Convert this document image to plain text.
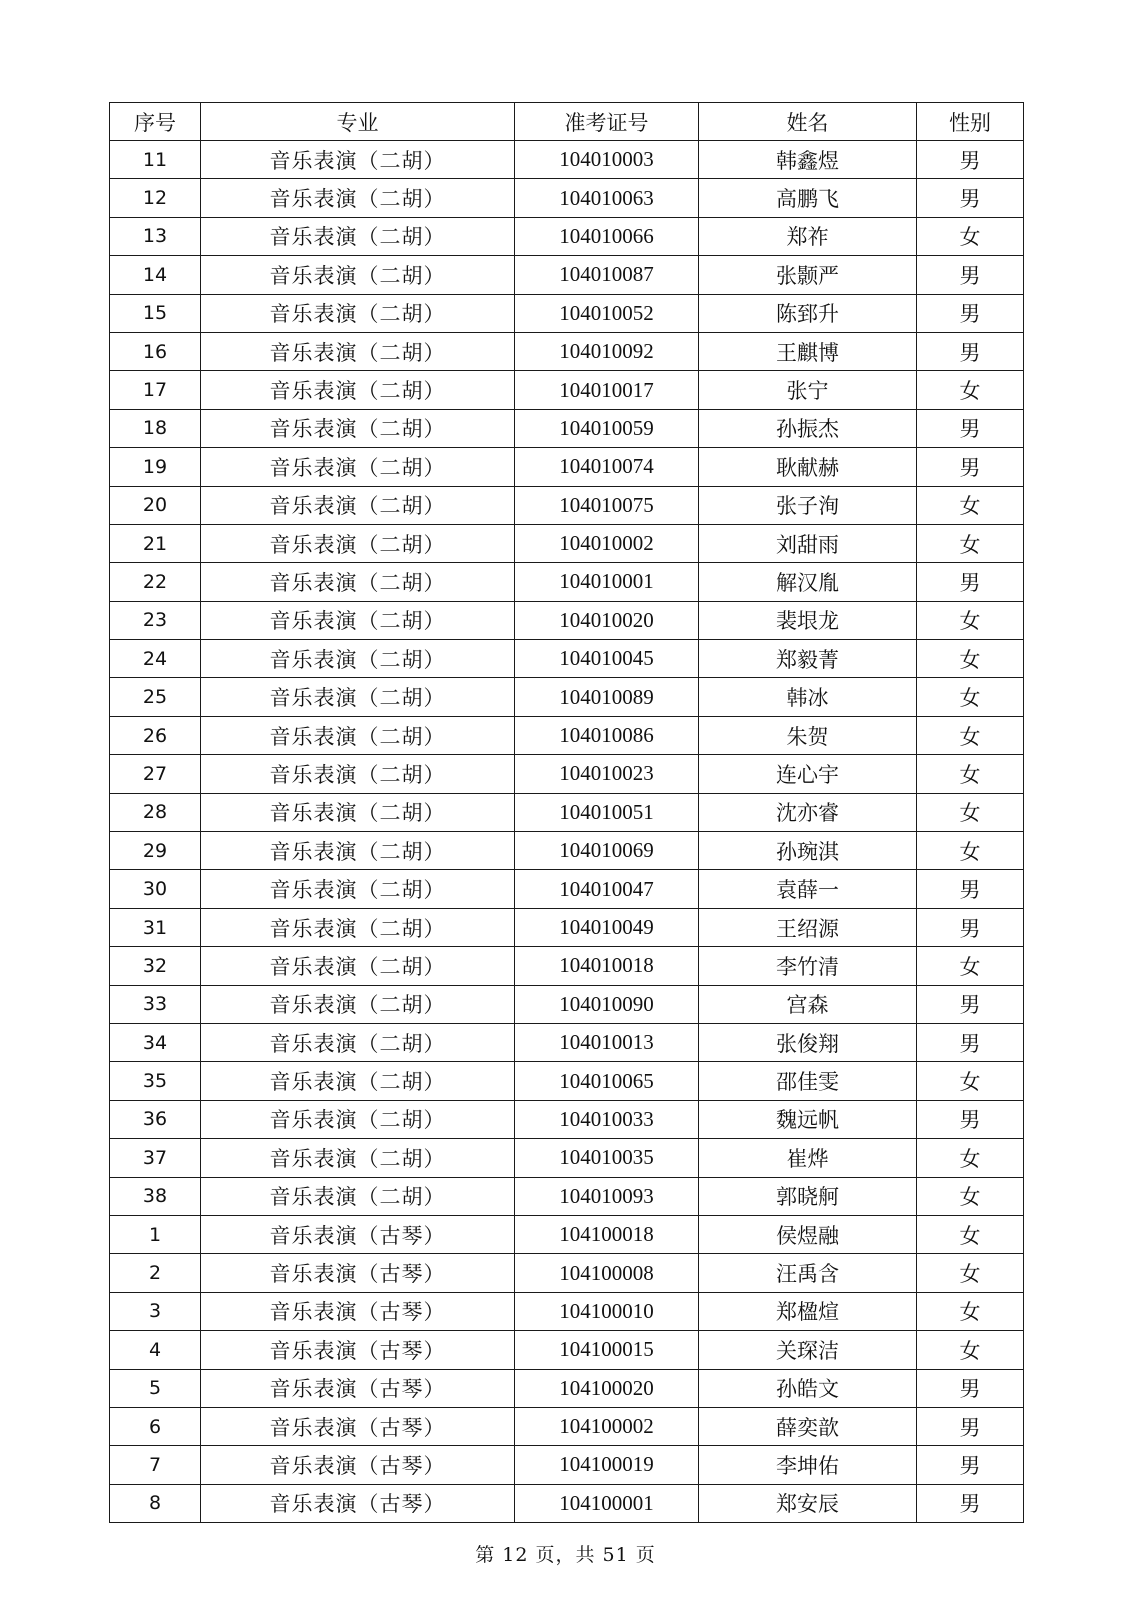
序号	专业	准考证号	姓名	性别
11	音乐表演（二胡）	104010003	韩鑫煜	男
12	音乐表演（二胡）	104010063	高鹏飞	男
13	音乐表演（二胡）	104010066	郑祚	女
14	音乐表演（二胡）	104010087	张颢严	男
15	音乐表演（二胡）	104010052	陈郅升	男
16	音乐表演（二胡）	104010092	王麒博	男
17	音乐表演（二胡）	104010017	张宁	女
18	音乐表演（二胡）	104010059	孙振杰	男
19	音乐表演（二胡）	104010074	耿献赫	男
20	音乐表演（二胡）	104010075	张子洵	女
21	音乐表演（二胡）	104010002	刘甜雨	女
22	音乐表演（二胡）	104010001	解汉胤	男
23	音乐表演（二胡）	104010020	裴垠龙	女
24	音乐表演（二胡）	104010045	郑毅菁	女
25	音乐表演（二胡）	104010089	韩冰	女
26	音乐表演（二胡）	104010086	朱贺	女
27	音乐表演（二胡）	104010023	连心宇	女
28	音乐表演（二胡）	104010051	沈亦睿	女
29	音乐表演（二胡）	104010069	孙琬淇	女
30	音乐表演（二胡）	104010047	袁薛一	男
31	音乐表演（二胡）	104010049	王绍源	男
32	音乐表演（二胡）	104010018	李竹清	女
33	音乐表演（二胡）	104010090	宫森	男
34	音乐表演（二胡）	104010013	张俊翔	男
35	音乐表演（二胡）	104010065	邵佳雯	女
36	音乐表演（二胡）	104010033	魏远帆	男
37	音乐表演（二胡）	104010035	崔烨	女
38	音乐表演（二胡）	104010093	郭晓舸	女
1	音乐表演（古琴）	104100018	侯煜融	女
2	音乐表演（古琴）	104100008	汪禹含	女
3	音乐表演（古琴）	104100010	郑楹煊	女
4	音乐表演（古琴）	104100015	关琛洁	女
5	音乐表演（古琴）	104100020	孙皓文	男
6	音乐表演（古琴）	104100002	薛奕歆	男
7	音乐表演（古琴）	104100019	李坤佑	男
8	音乐表演（古琴）	104100001	郑安辰	男
第 12 页，共 51 页
